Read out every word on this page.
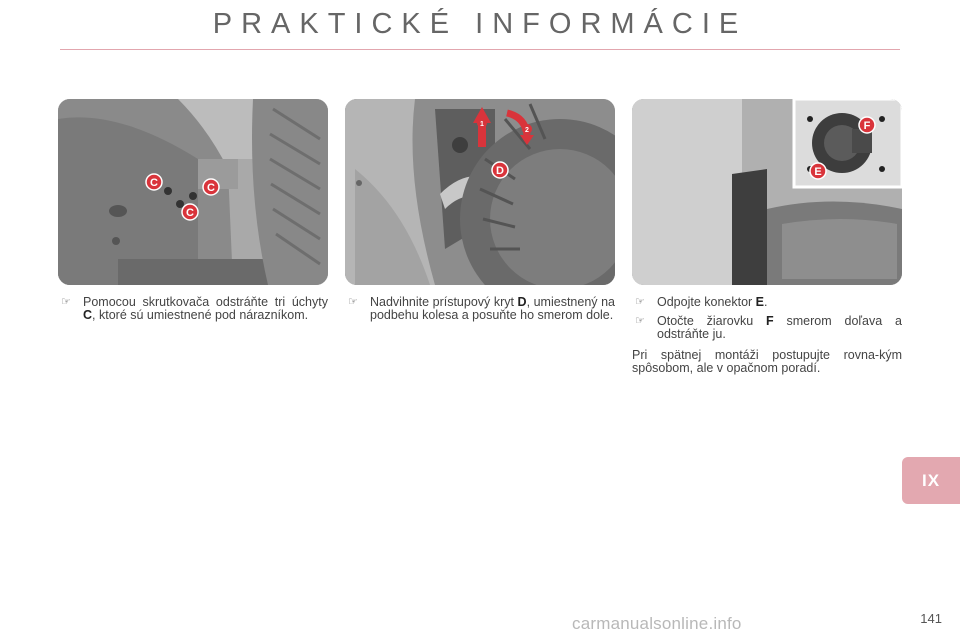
PRAKTICKÉ INFORMÁCIE
C	C
C
1
2
D
F
E
☞ Pomocou skrutkovača odstráňte tri úchyty C, ktoré sú umiestnené pod nárazníkom.
☞ Nadvihnite prístupový kryt D, umiestnený na podbehu kolesa a posuňte ho smerom dole.
☞ Odpojte konektor E.
☞ Otočte žiarovku F smerom doľava a odstráňte ju.
Pri spätnej montáži postupujte rovna-kým spôsobom, ale v opačnom poradí.
IX
141
carmanualsonline.info
